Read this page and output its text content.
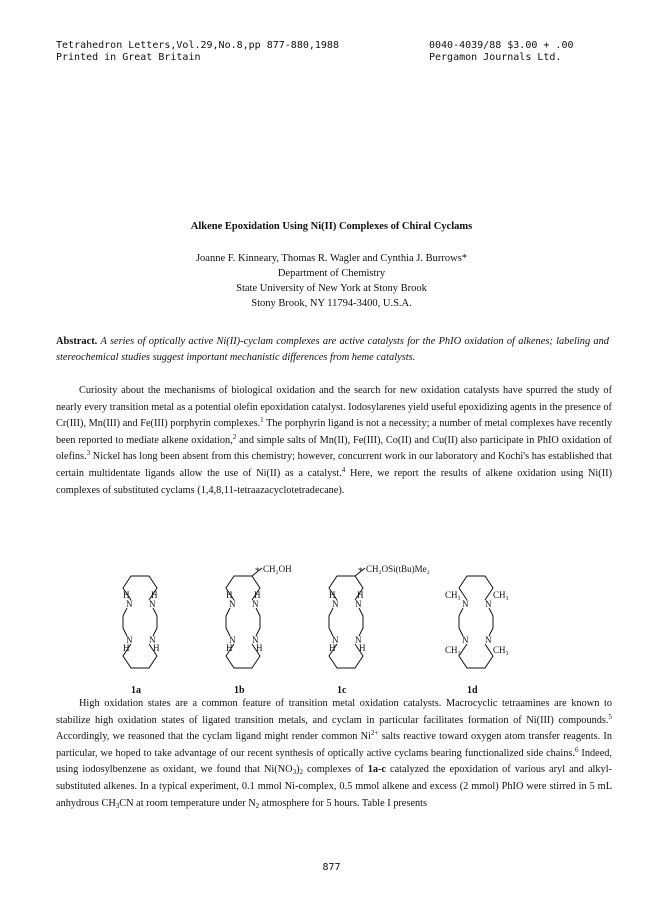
Tetrahedron Letters,Vol.29,No.8,pp 877-880,1988
Printed in Great Britain
0040-4039/88 $3.00 + .00
Pergamon Journals Ltd.
Alkene Epoxidation Using Ni(II) Complexes of Chiral Cyclams
Joanne F. Kinneary, Thomas R. Wagler and Cynthia J. Burrows*
Department of Chemistry
State University of New York at Stony Brook
Stony Brook, NY 11794-3400, U.S.A.
Abstract. A series of optically active Ni(II)-cyclam complexes are active catalysts for the PhIO oxidation of alkenes; labeling and stereochemical studies suggest important mechanistic differences from heme catalysts.
Curiosity about the mechanisms of biological oxidation and the search for new oxidation catalysts have spurred the study of nearly every transition metal as a potential olefin epoxidation catalyst. Iodosylarenes yield useful epoxidizing agents in the presence of Cr(III), Mn(III) and Fe(III) porphyrin complexes.$^1$ The porphyrin ligand is not a necessity; a number of metal complexes have recently been reported to mediate alkene oxidation,$^2$ and simple salts of Mn(II), Fe(III), Co(II) and Cu(II) also participate in PhIO oxidation of olefins.$^3$ Nickel has long been absent from this chemistry; however, concurrent work in our laboratory and Kochi's has established that certain multidentate ligands allow the use of Ni(II) as a catalyst.$^4$ Here, we report the results of alkene oxidation using Ni(II) complexes of substituted cyclams (1,4,8,11-tetraazacyclotetradecane).
H
N
H
N
N
H
N
H
H
N
H
N
N
H
N
H
* CH₂OH
H
N
H
N
N
H
N
H
* CH₂OSi(tBu)Me₂
CH₃
N N
CH₃
N
CH₃
N
CH₃
1a	1b	1c	1d
High oxidation states are a common feature of transition metal oxidation catalysts. Macrocyclic tetraamines are known to stabilize high oxidation states of ligated transition metals, and cyclam in particular facilitates formation of Ni(III) compounds.$^5$ Accordingly, we reasoned that the cyclam ligand might render common $Ni^{2+}$ salts reactive toward oxygen atom transfer reagents. In particular, we hoped to take advantage of our recent synthesis of optically active cyclams bearing functionalized side chains.$^6$ Indeed, using iodosylbenzene as oxidant, we found that $Ni(NO_3)_2$ complexes of 1a-c catalyzed the epoxidation of various aryl and alkyl-substituted alkenes. In a typical experiment, 0.1 mmol Ni-complex, 0.5 mmol alkene and excess (2 mmol) PhIO were stirred in 5 mL anhydrous $CH_3CN$ at room temperature under $N_2$ atmosphere for 5 hours. Table I presents
877
